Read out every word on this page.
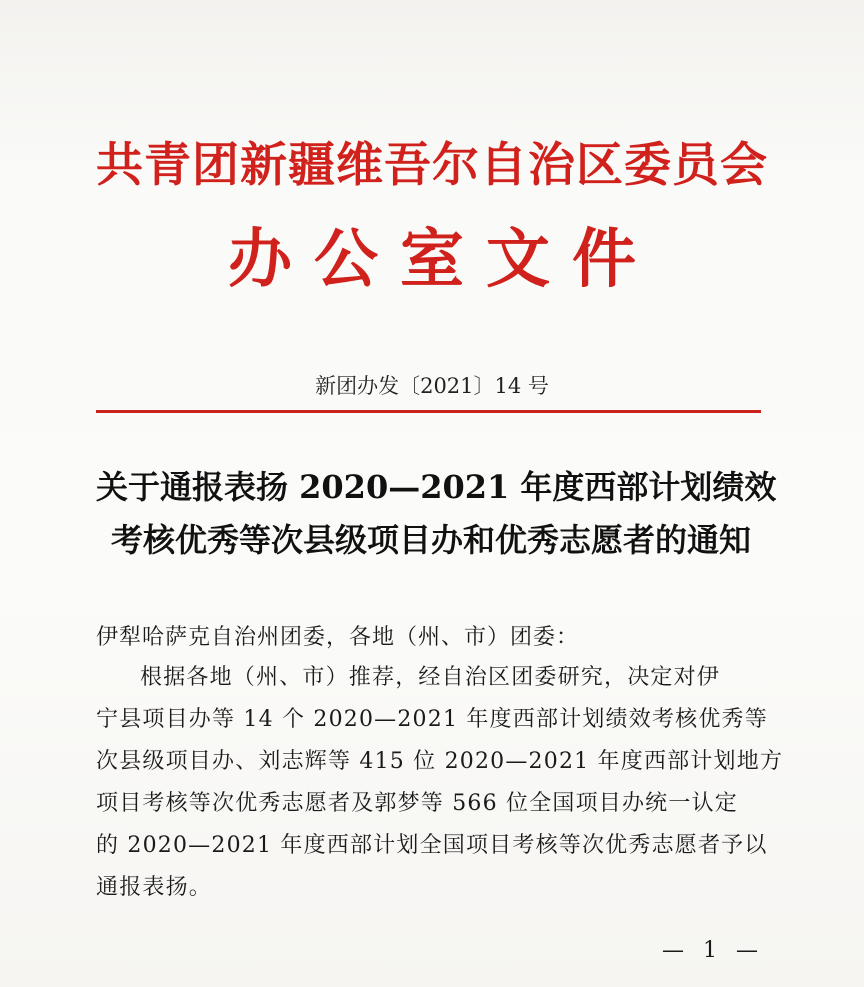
共青团新疆维吾尔自治区委员会
办公室文件
新团办发〔2021〕14 号
关于通报表扬 2020—2021 年度西部计划绩效
考核优秀等次县级项目办和优秀志愿者的通知
伊犁哈萨克自治州团委，各地（州、市）团委：
根据各地（州、市）推荐，经自治区团委研究，决定对伊
宁县项目办等 14 个 2020—2021 年度西部计划绩效考核优秀等
次县级项目办、刘志辉等 415 位 2020—2021 年度西部计划地方
项目考核等次优秀志愿者及郭梦等 566 位全国项目办统一认定
的 2020—2021 年度西部计划全国项目考核等次优秀志愿者予以
通报表扬。
— 1 —
